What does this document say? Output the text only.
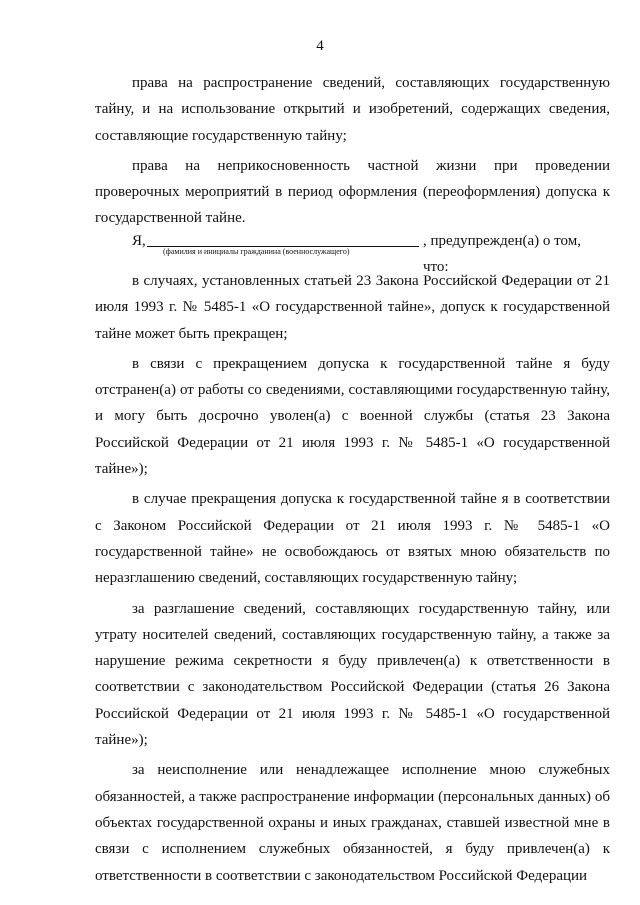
4

права на распространение сведений, составляющих государственную тайну, и на использование открытий и изобретений, содержащих сведения, составляющие государственную тайну;

права на неприкосновенность частной жизни при проведении проверочных мероприятий в период оформления (переоформления) допуска к государственной тайне.

Я,	, предупрежден(а) о том, что:
(фамилия и инициалы гражданина (военнослужащего)

в случаях, установленных статьей 23 Закона Российской Федерации от 21 июля 1993 г. № 5485-1 «О государственной тайне», допуск к государственной тайне может быть прекращен;

в связи с прекращением допуска к государственной тайне я буду отстранен(а) от работы со сведениями, составляющими государственную тайну, и могу быть досрочно уволен(а) с военной службы (статья 23 Закона Российской Федерации от 21 июля 1993 г. № 5485-1 «О государственной тайне»);

в случае прекращения допуска к государственной тайне я в соответствии с Законом Российской Федерации от 21 июля 1993 г. № 5485-1 «О государственной тайне» не освобождаюсь от взятых мною обязательств по неразглашению сведений, составляющих государственную тайну;

за разглашение сведений, составляющих государственную тайну, или утрату носителей сведений, составляющих государственную тайну, а также за нарушение режима секретности я буду привлечен(а) к ответственности в соответствии с законодательством Российской Федерации (статья 26 Закона Российской Федерации от 21 июля 1993 г. № 5485-1 «О государственной тайне»);

за неисполнение или ненадлежащее исполнение мною служебных обязанностей, а также распространение информации (персональных данных) об объектах государственной охраны и иных гражданах, ставшей известной мне в связи с исполнением служебных обязанностей, я буду привлечен(а) к ответственности в соответствии с законодательством Российской Федерации
